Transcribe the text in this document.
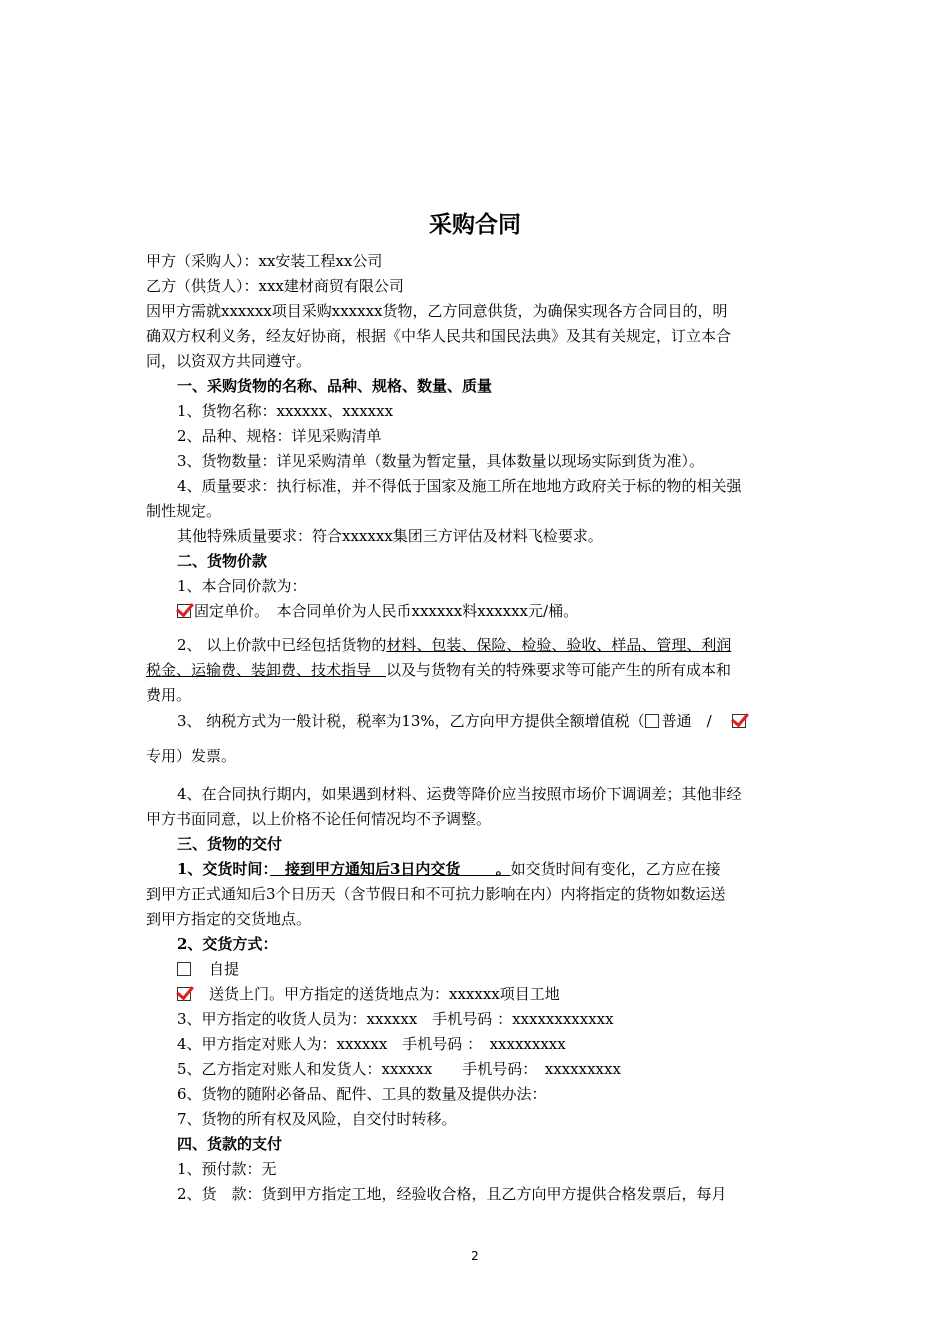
采购合同
甲方（采购人）：xx安装工程xx公司
乙方（供货人）：xxx建材商贸有限公司
因甲方需就xxxxxx项目采购xxxxxx货物，乙方同意供货，为确保实现各方合同目的，明
确双方权利义务，经友好协商，根据《中华人民共和国民法典》及其有关规定，订立本合
同，以资双方共同遵守。
一、采购货物的名称、品种、规格、数量、质量
1、货物名称：xxxxxx、xxxxxx
2、品种、规格：详见采购清单
3、货物数量：详见采购清单（数量为暂定量，具体数量以现场实际到货为准）。
4、质量要求：执行标准，并不得低于国家及施工所在地地方政府关于标的物的相关强
制性规定。
其他特殊质量要求：符合xxxxxx集团三方评估及材料飞检要求。
二、货物价款
1、本合同价款为：
固定单价。　本合同单价为人民币xxxxxx料xxxxxx元/桶。
2、 以上价款中已经包括货物的材料、包装、保险、检验、验收、样品、管理、利润
税金、运输费、装卸费、技术指导　以及与货物有关的特殊要求等可能产生的所有成本和
费用。
3、 纳税方式为一般计税，税率为13%，乙方向甲方提供全额增值税（ 普通　/
专用）发票。
4、在合同执行期内，如果遇到材料、运费等降价应当按照市场价下调调差；其他非经
甲方书面同意，以上价格不论任何情况均不予调整。
三、货物的交付
1、交货时间：　接到甲方通知后3日内交货　　 。如交货时间有变化，乙方应在接
到甲方正式通知后3个日历天（含节假日和不可抗力影响在内）内将指定的货物如数运送
到甲方指定的交货地点。
2、交货方式：
　自提
　送货上门。甲方指定的送货地点为：xxxxxx项目工地
3、甲方指定的收货人员为：xxxxxx　手机号码 ：xxxxxxxxxxxx
4、甲方指定对账人为：xxxxxx　手机号码 ：　xxxxxxxxx
5、乙方指定对账人和发货人：xxxxxx　　手机号码：　xxxxxxxxx
6、货物的随附必备品、配件、工具的数量及提供办法：
7、货物的所有权及风险，自交付时转移。
四、货款的支付
1、预付款：无
2、货　款：货到甲方指定工地，经验收合格，且乙方向甲方提供合格发票后，每月
2
